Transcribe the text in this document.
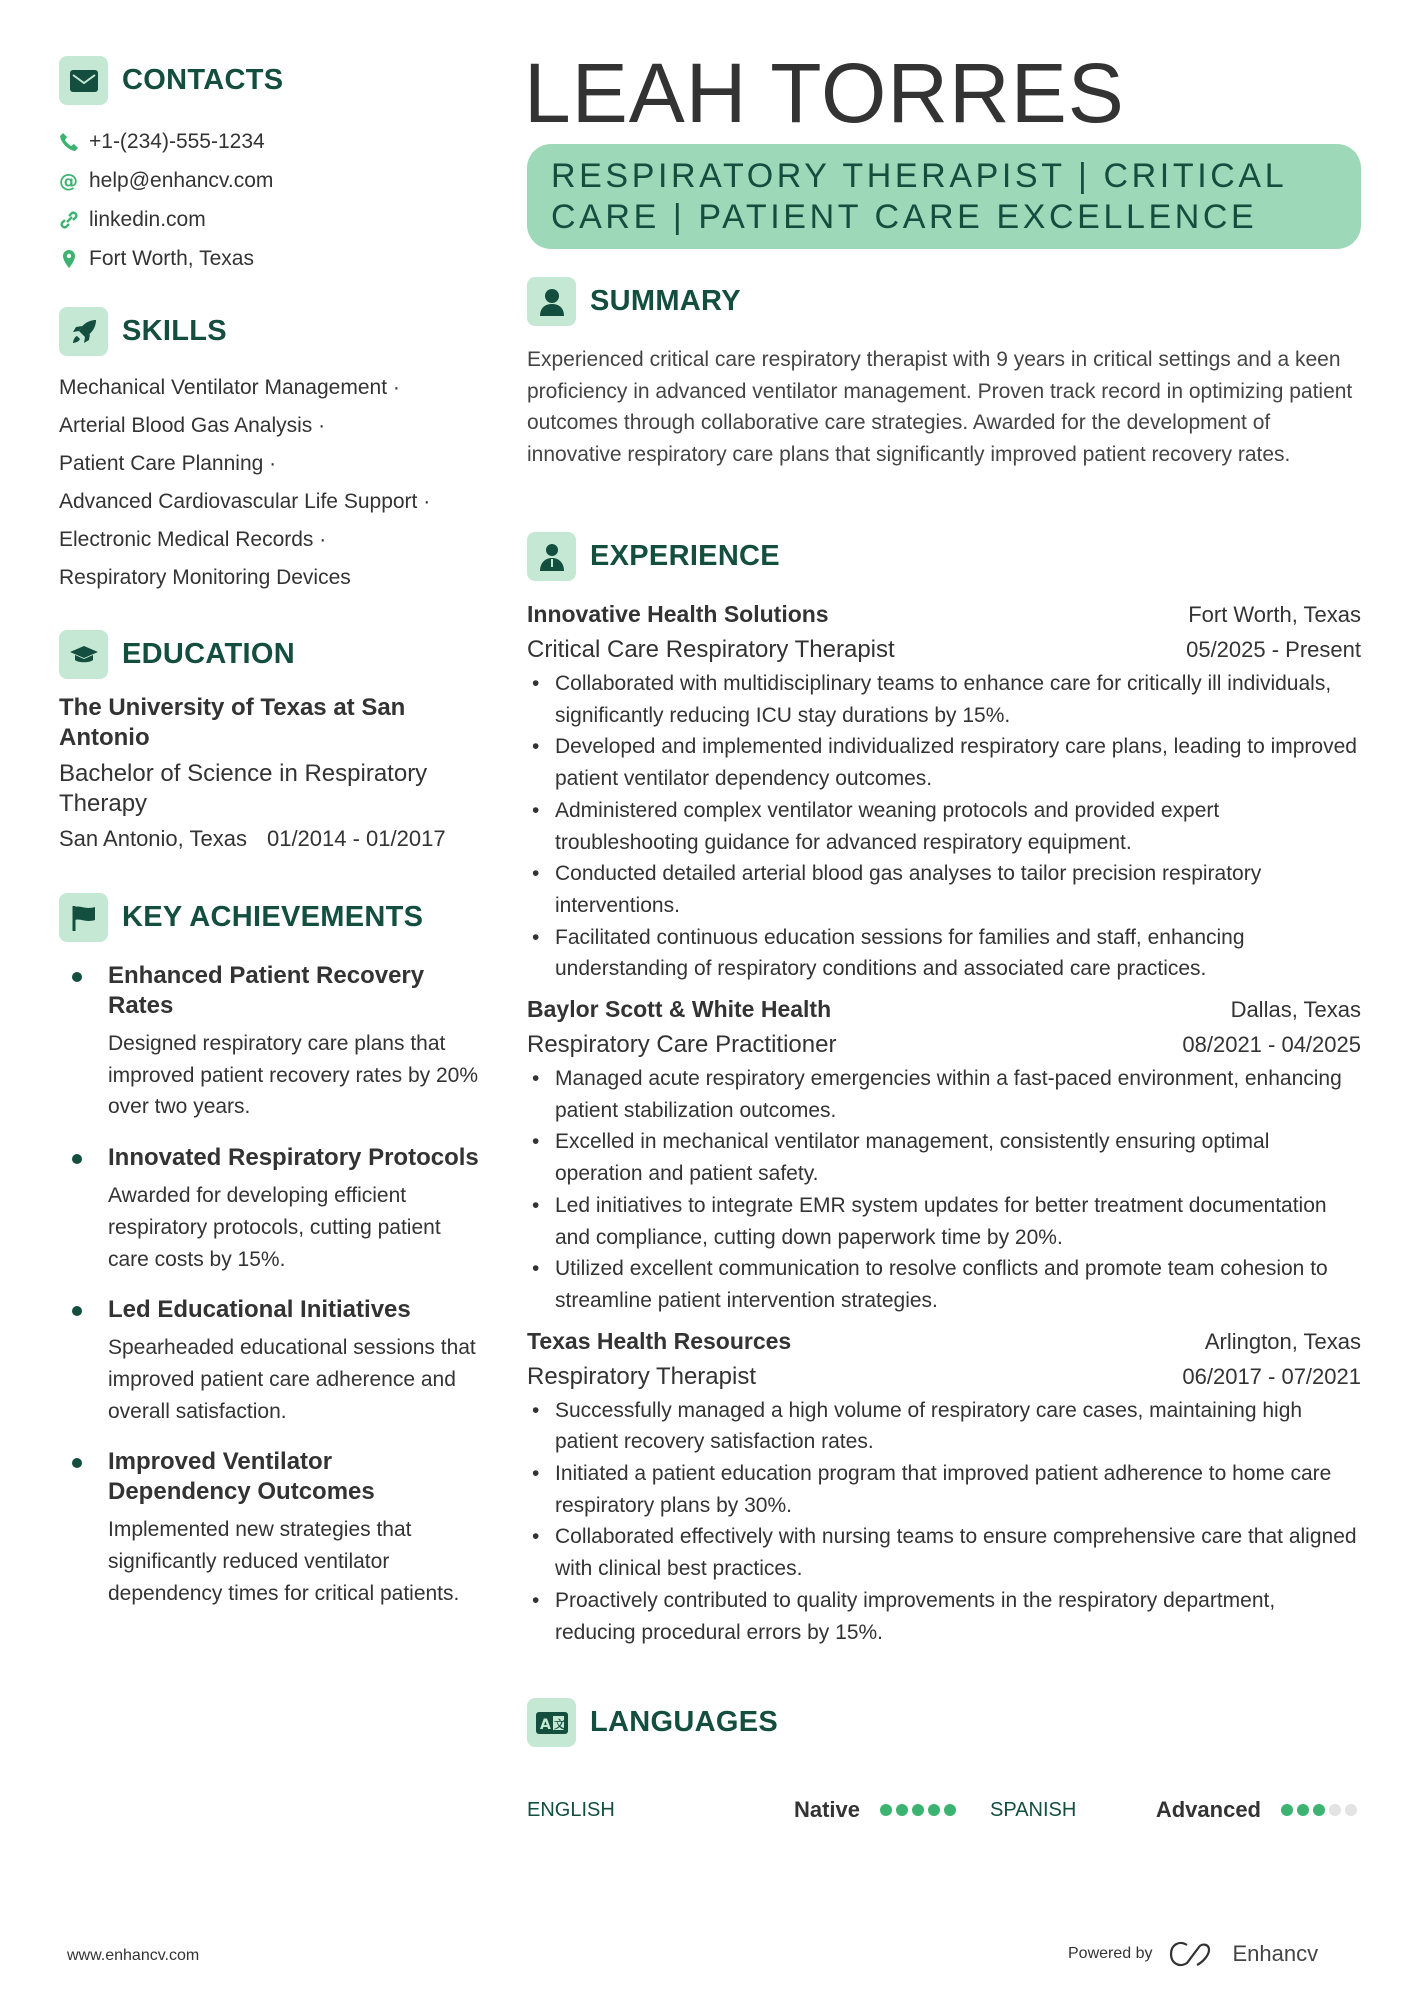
CONTACTS
+1-(234)-555-1234
@ help@enhancv.com
linkedin.com
Fort Worth, Texas
SKILLS
Mechanical Ventilator Management ·
Arterial Blood Gas Analysis ·
Patient Care Planning ·
Advanced Cardiovascular Life Support ·
Electronic Medical Records ·
Respiratory Monitoring Devices
EDUCATION
The University of Texas at San Antonio
Bachelor of Science in Respiratory Therapy
San Antonio, Texas 01/2014 - 01/2017
KEY ACHIEVEMENTS
Enhanced Patient Recovery Rates

Designed respiratory care plans that improved patient recovery rates by 20% over two years.

Innovated Respiratory Protocols

Awarded for developing efficient respiratory protocols, cutting patient care costs by 15%.

Led Educational Initiatives

Spearheaded educational sessions that improved patient care adherence and overall satisfaction.

Improved Ventilator Dependency Outcomes

Implemented new strategies that significantly reduced ventilator dependency times for critical patients.

LEAH TORRES
RESPIRATORY THERAPIST | CRITICAL CARE | PATIENT CARE EXCELLENCE
SUMMARY

Experienced critical care respiratory therapist with 9 years in critical settings and a keen proficiency in advanced ventilator management. Proven track record in optimizing patient outcomes through collaborative care strategies. Awarded for the development of innovative respiratory care plans that significantly improved patient recovery rates.

EXPERIENCE
Innovative Health Solutions	Fort Worth, Texas
Critical Care Respiratory Therapist	05/2025 - Present
• Collaborated with multidisciplinary teams to enhance care for critically ill individuals, significantly reducing ICU stay durations by 15%.
• Developed and implemented individualized respiratory care plans, leading to improved patient ventilator dependency outcomes.
• Administered complex ventilator weaning protocols and provided expert troubleshooting guidance for advanced respiratory equipment.
• Conducted detailed arterial blood gas analyses to tailor precision respiratory interventions.
• Facilitated continuous education sessions for families and staff, enhancing understanding of respiratory conditions and associated care practices.
Baylor Scott & White Health	Dallas, Texas
Respiratory Care Practitioner	08/2021 - 04/2025
• Managed acute respiratory emergencies within a fast-paced environment, enhancing patient stabilization outcomes.
• Excelled in mechanical ventilator management, consistently ensuring optimal operation and patient safety.
• Led initiatives to integrate EMR system updates for better treatment documentation and compliance, cutting down paperwork time by 20%.
• Utilized excellent communication to resolve conflicts and promote team cohesion to streamline patient intervention strategies.
Texas Health Resources	Arlington, Texas
Respiratory Therapist	06/2017 - 07/2021
• Successfully managed a high volume of respiratory care cases, maintaining high patient recovery satisfaction rates.
• Initiated a patient education program that improved patient adherence to home care respiratory plans by 30%.
• Collaborated effectively with nursing teams to ensure comprehensive care that aligned with clinical best practices.
• Proactively contributed to quality improvements in the respiratory department, reducing procedural errors by 15%.
A 文 LANGUAGES
ENGLISH	Native	SPANISH	Advanced
www.enhancv.com	Powered by	Enhancv
